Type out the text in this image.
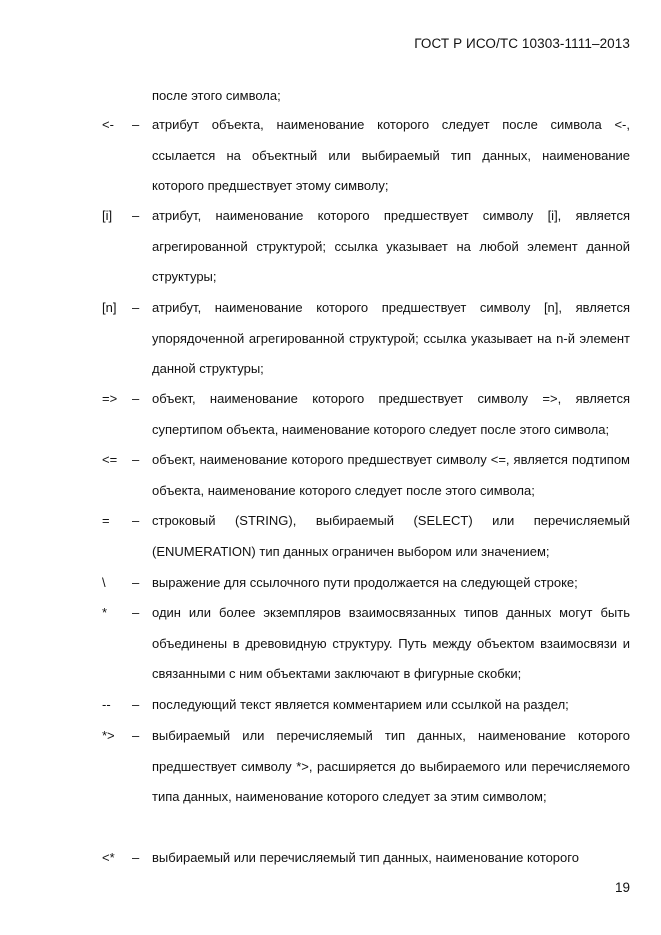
ГОСТ Р ИСО/ТС 10303-1111–2013
после этого символа;
<- – атрибут объекта, наименование которого следует после символа <-, ссылается на объектный или выбираемый тип данных, наименование которого предшествует этому символу;
[i] – атрибут, наименование которого предшествует символу [i], является агрегированной структурой; ссылка указывает на любой элемент данной структуры;
[n] – атрибут, наименование которого предшествует символу [n], является упорядоченной агрегированной структурой; ссылка указывает на n-й элемент данной структуры;
=> – объект, наименование которого предшествует символу =>, является супертипом объекта, наименование которого следует после этого символа;
<= – объект, наименование которого предшествует символу <=, является подтипом объекта, наименование которого следует после этого символа;
= – строковый (STRING), выбираемый (SELECT) или перечисляемый (ENUMERATION) тип данных ограничен выбором или значением;
\ – выражение для ссылочного пути продолжается на следующей строке;
* – один или более экземпляров взаимосвязанных типов данных могут быть объединены в древовидную структуру. Путь между объектом взаимосвязи и связанными с ним объектами заключают в фигурные скобки;
-- – последующий текст является комментарием или ссылкой на раздел;
*> – выбираемый или перечисляемый тип данных, наименование которого предшествует символу *>, расширяется до выбираемого или перечисляемого типа данных, наименование которого следует за этим символом;
<* – выбираемый или перечисляемый тип данных, наименование которого
19
